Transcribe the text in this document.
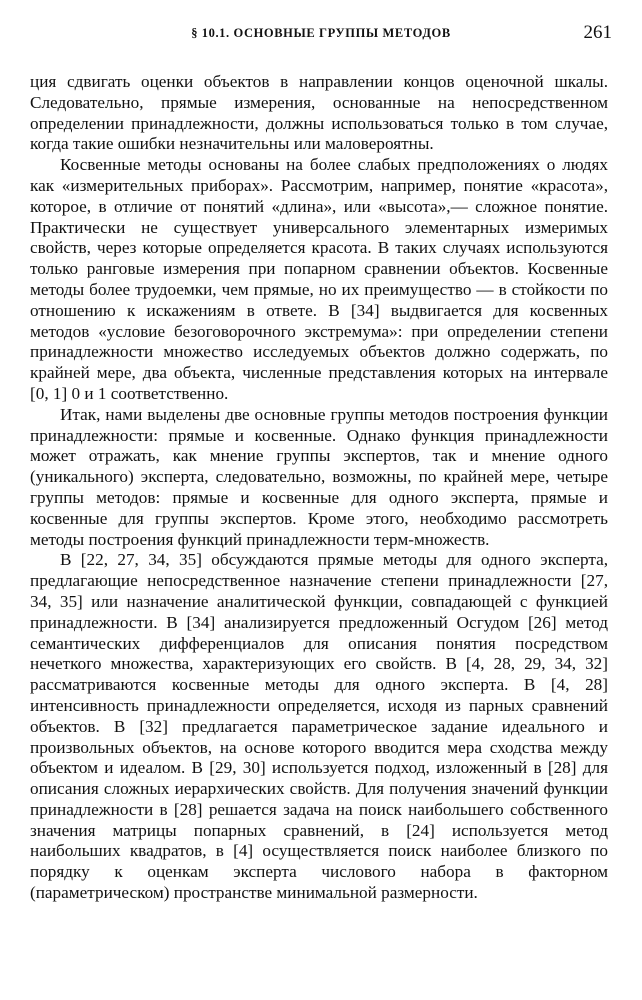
§ 10.1. ОСНОВНЫЕ ГРУППЫ МЕТОДОВ	261

ция сдвигать оценки объектов в направлении концов оценочной шкалы. Следовательно, прямые измерения, основанные на непосредственном определении принадлежности, должны использоваться только в том случае, когда такие ошибки незначительны или маловероятны.

Косвенные методы основаны на более слабых предположениях о людях как «измерительных приборах». Рассмотрим, например, понятие «красота», которое, в отличие от понятий «длина», или «высота»,— сложное понятие. Практически не существует универсального элементарных измеримых свойств, через которые определяется красота. В таких случаях используются только ранговые измерения при попарном сравнении объектов. Косвенные методы более трудоемки, чем прямые, но их преимущество — в стойкости по отношению к искажениям в ответе. В [34] выдвигается для косвенных методов «условие безоговорочного экстремума»: при определении степени принадлежности множество исследуемых объектов должно содержать, по крайней мере, два объекта, численные представления которых на интервале [0, 1] 0 и 1 соответственно.

Итак, нами выделены две основные группы методов построения функции принадлежности: прямые и косвенные. Однако функция принадлежности может отражать, как мнение группы экспертов, так и мнение одного (уникального) эксперта, следовательно, возможны, по крайней мере, четыре группы методов: прямые и косвенные для одного эксперта, прямые и косвенные для группы экспертов. Кроме этого, необходимо рассмотреть методы построения функций принадлежности терм-множеств.

В [22, 27, 34, 35] обсуждаются прямые методы для одного эксперта, предлагающие непосредственное назначение степени принадлежности [27, 34, 35] или назначение аналитической функции, совпадающей с функцией принадлежности. В [34] анализируется предложенный Осгудом [26] метод семантических дифференциалов для описания понятия посредством нечеткого множества, характеризующих его свойств. В [4, 28, 29, 34, 32] рассматриваются косвенные методы для одного эксперта. В [4, 28] интенсивность принадлежности определяется, исходя из парных сравнений объектов. В [32] предлагается параметрическое задание идеального и произвольных объектов, на основе которого вводится мера сходства между объектом и идеалом. В [29, 30] используется подход, изложенный в [28] для описания сложных иерархических свойств. Для получения значений функции принадлежности в [28] решается задача на поиск наибольшего собственного значения матрицы попарных сравнений, в [24] используется метод наибольших квадратов, в [4] осуществляется поиск наиболее близкого по порядку к оценкам эксперта числового набора в факторном (параметрическом) пространстве минимальной размерности.
